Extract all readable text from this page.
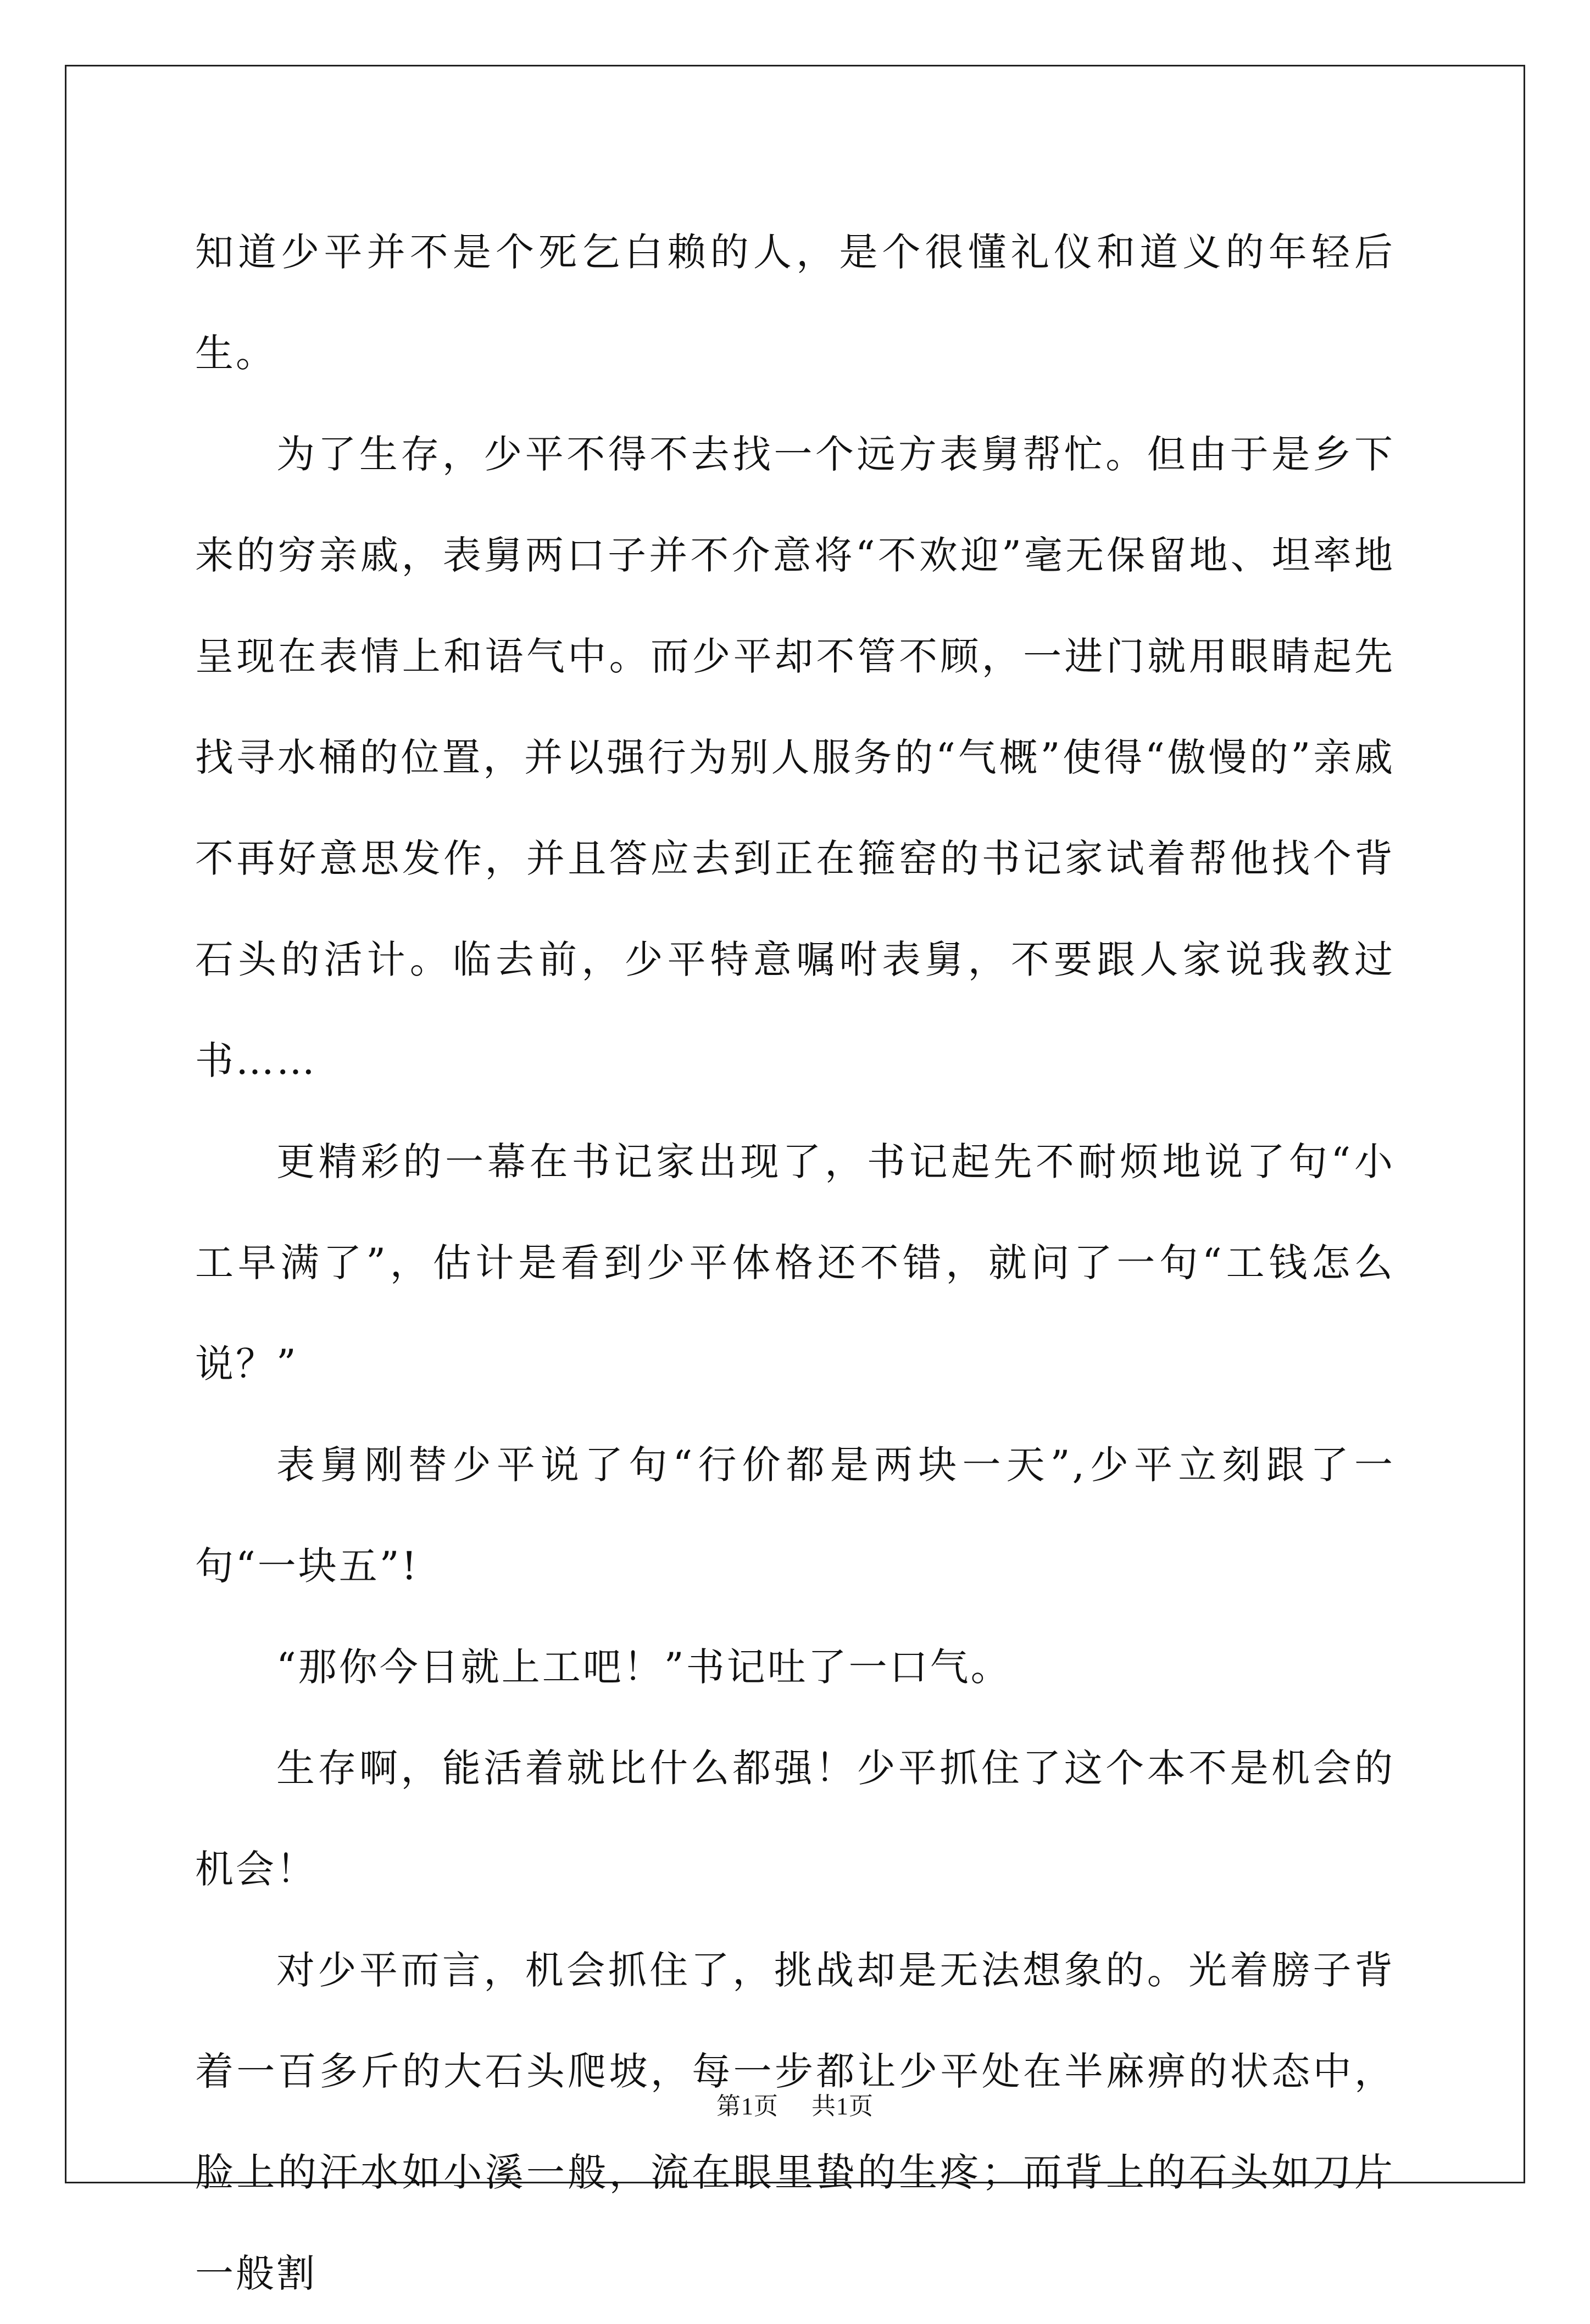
知道少平并不是个死乞白赖的人，是个很懂礼仪和道义的年轻后生。

为了生存，少平不得不去找一个远方表舅帮忙。但由于是乡下来的穷亲戚，表舅两口子并不介意将“不欢迎”毫无保留地、坦率地呈现在表情上和语气中。而少平却不管不顾，一进门就用眼睛起先找寻水桶的位置，并以强行为别人服务的“气概”使得“傲慢的”亲戚不再好意思发作，并且答应去到正在箍窑的书记家试着帮他找个背石头的活计。临去前，少平特意嘱咐表舅，不要跟人家说我教过书……

更精彩的一幕在书记家出现了，书记起先不耐烦地说了句“小工早满了”，估计是看到少平体格还不错，就问了一句“工钱怎么说？”

表舅刚替少平说了句“行价都是两块一天”,少平立刻跟了一句“一块五”!

“那你今日就上工吧！”书记吐了一口气。

生存啊，能活着就比什么都强！少平抓住了这个本不是机会的机会！

对少平而言，机会抓住了，挑战却是无法想象的。光着膀子背着一百多斤的大石头爬坡，每一步都让少平处在半麻痹的状态中，脸上的汗水如小溪一般，流在眼里蛰的生疼；而背上的石头如刀片一般割

第1页 共1页
